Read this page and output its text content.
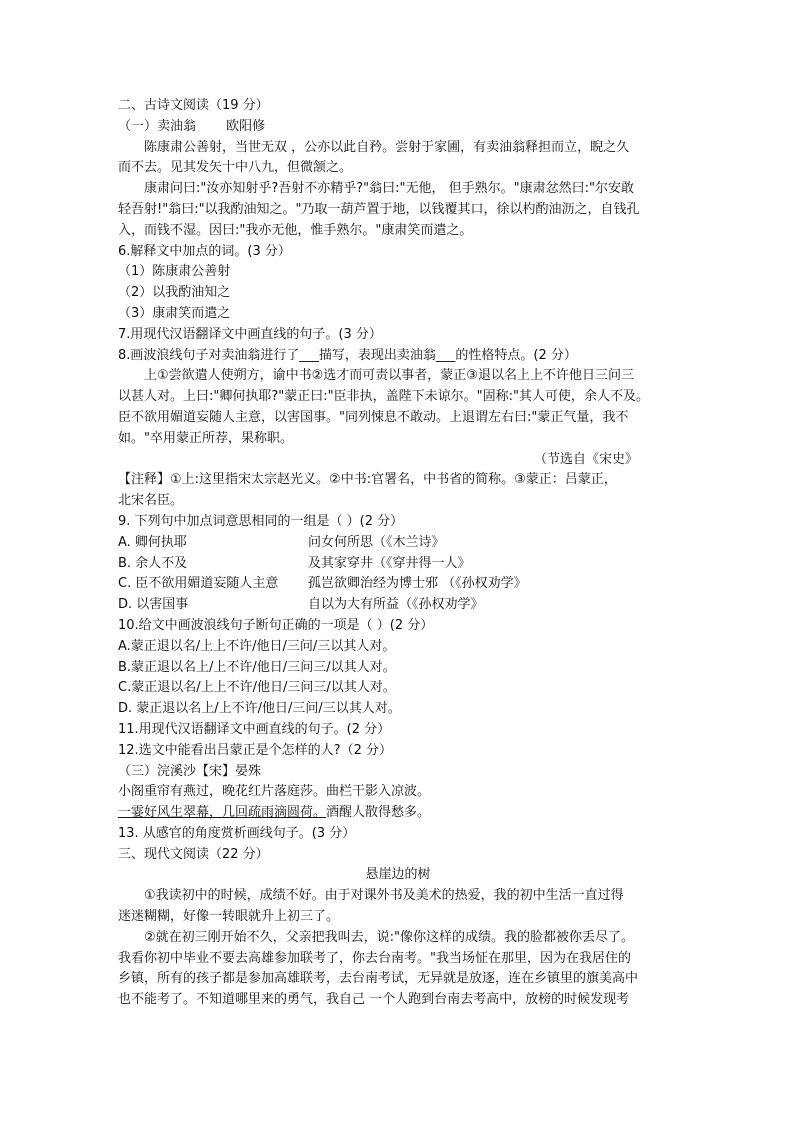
二、古诗文阅读（19 分）
（一）卖油翁　　 欧阳修
陈康肃公善射，当世无双 ，公亦以此自矜。尝射于家圃，有卖油翁释担而立，睨之久
而不去。见其发矢十中八九，但微颔之。
康肃问曰:"汝亦知射乎?吾射不亦精乎?"翁曰:"无他， 但手熟尔。"康肃忿然曰:"尔安敢
轻吾射!"翁曰:"以我酌油知之。"乃取一葫芦置于地，以钱覆其口，徐以杓酌油沥之，自钱孔
入，而钱不湿。因曰:"我亦无他，惟手熟尔。"康肃笑而遣之。
6.解释文中加点的词。(3 分）
（1）陈康肃公善射
（2）以我酌油知之
（3）康肃笑而遣之
7.用现代汉语翻译文中画直线的句子。(3 分）
8.画波浪线句子对卖油翁进行了___描写，表现出卖油翁___的性格特点。(2 分）
上①尝欲遣人使朔方，谕中书②选才而可责以事者，蒙正③退以名上上不许他日三问三
以甚人对。上曰:"卿何执耶?"蒙正曰:"臣非执，盖陛下未谅尔。"固称:"其人可使，余人不及。
臣不欲用媚道妄随人主意，以害国事。"同列悚息不敢动。上退谓左右曰:"蒙正气量，我不
如。"卒用蒙正所荐，果称职。
（节选自《宋史》
【注释】①上:这里指宋太宗赵光义。②中书:官署名，中书省的简称。③蒙正：吕蒙正，
北宋名臣。
9. 下列句中加点词意思相同的一组是（ ）(2 分）
A. 卿何执耶	问女何所思（《木兰诗》
B. 余人不及	及其家穿井（《穿井得一人》
C. 臣不欲用媚道妄随人主意 孤岂欲卿治经为博士邪 （《孙权劝学》
D. 以害国事	自以为大有所益（《孙权劝学》
10.给文中画波浪线句子断句正确的一项是（ ）(2 分）
A.蒙正退以名/上上不许/他日/三问/三以其人对。
B.蒙正退以名上/上不许/他日/三问三/以其人对。
C.蒙正退以名/上上不许/他日/三问三/以其人对。
D. 蒙正退以名上/上不许/他日/三问/三以其人对。
11.用现代汉语翻译文中画直线的句子。(2 分）
12.选文中能看出吕蒙正是个怎样的人?（2 分）
（三）浣溪沙【宋】晏殊
小阁重帘有燕过，晚花红片落庭莎。曲栏干影入凉波。
一霎好风生翠幕，几回疏雨滴圆荷。酒醒人散得愁多。
13. 从感官的角度赏析画线句子。(3 分）
三、现代文阅读（22 分）
悬崖边的树
①我读初中的时候，成绩不好。由于对课外书及美术的热爱，我的初中生活一直过得
迷迷糊糊，好像一转眼就升上初三了。
②就在初三刚开始不久，父亲把我叫去，说:"像你这样的成绩。我的脸都被你丢尽了。
我看你初中毕业不要去高雄参加联考了，你去台南考。"我当场怔在那里，因为在我居住的
乡镇，所有的孩子都是参加高雄联考，去台南考试，无异就是放逐，连在乡镇里的旗美高中
也不能考了。不知道哪里来的勇气，我自己 一个人跑到台南去考高中，放榜的时候发现考
